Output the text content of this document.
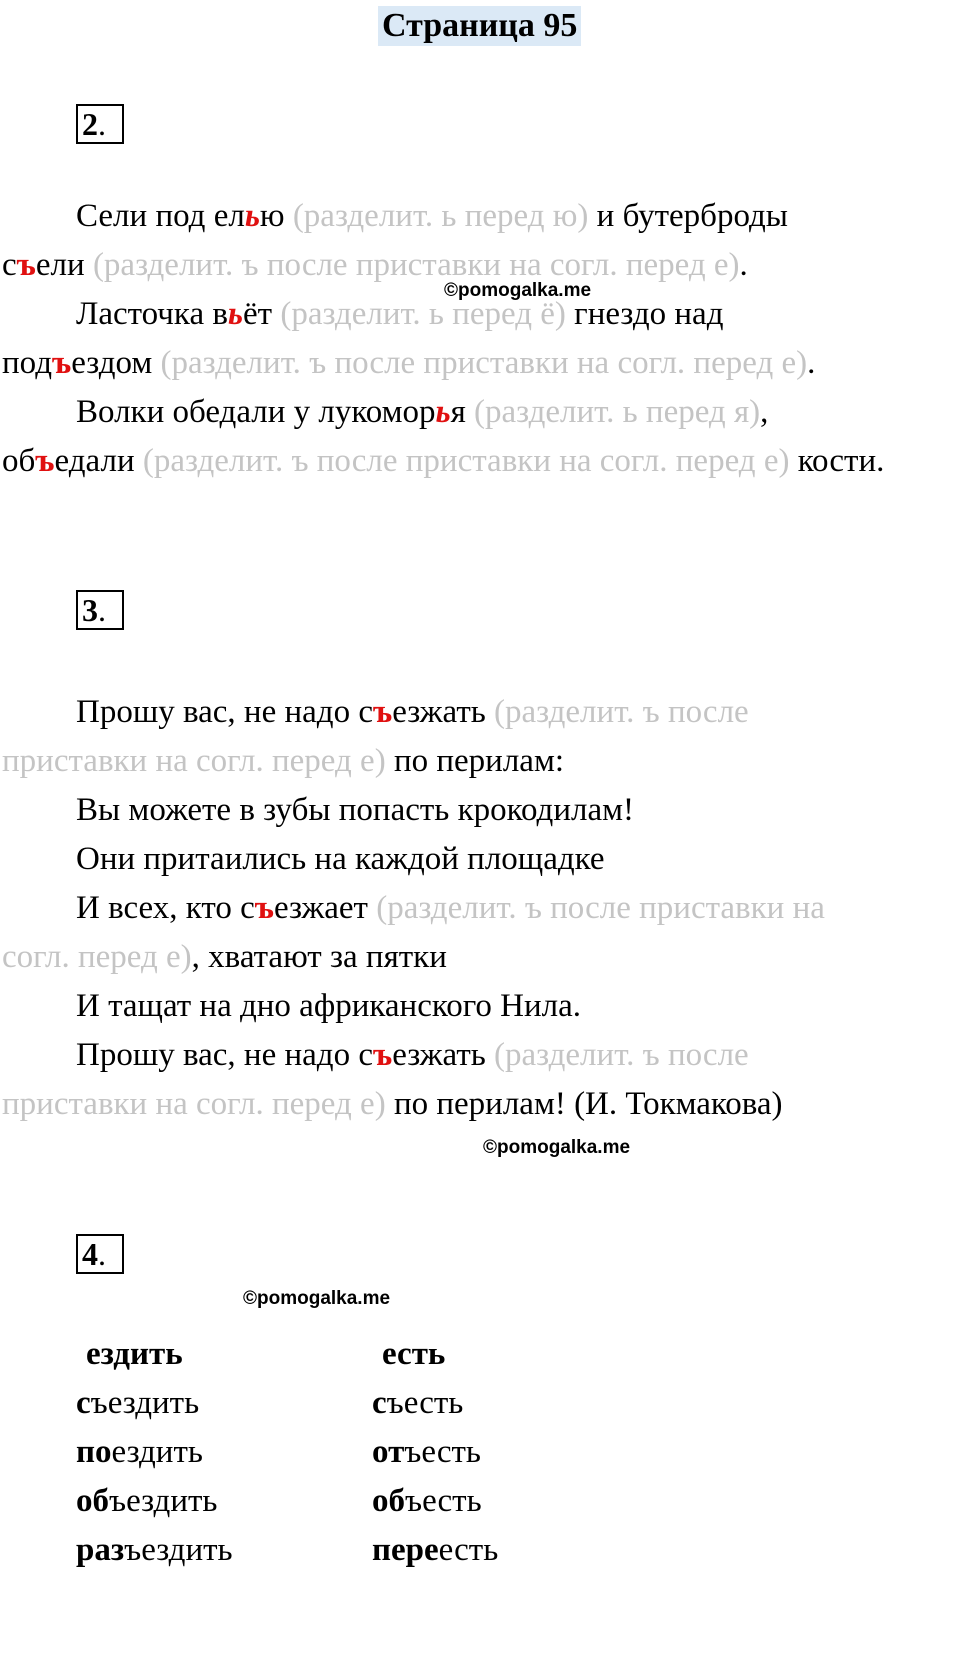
Страница 95
2.
Сели под елью (разделит. ь перед ю) и бутерброды
съели (разделит. ъ после приставки на согл. перед е).
©pomogalka.me
Ласточка вьёт (разделит. ь перед ё) гнездо над
подъездом (разделит. ъ после приставки на согл. перед е).
Волки обедали у лукоморья (разделит. ь перед я),
объедали (разделит. ъ после приставки на согл. перед е) кости.
3.
Прошу вас, не надо съезжать (разделит. ъ после
приставки на согл. перед е) по перилам:
Вы можете в зубы попасть крокодилам!
Они притаились на каждой площадке
И всех, кто съезжает (разделит. ъ после приставки на
согл. перед е), хватают за пятки
И тащат на дно африканского Нила.
Прошу вас, не надо съезжать (разделит. ъ после
приставки на согл. перед е) по перилам! (И. Токмакова)
©pomogalka.me
4.
©pomogalka.me
ездить	есть
съездить
поездить
объездить
разъездить
съесть
отъесть
объесть
переесть
